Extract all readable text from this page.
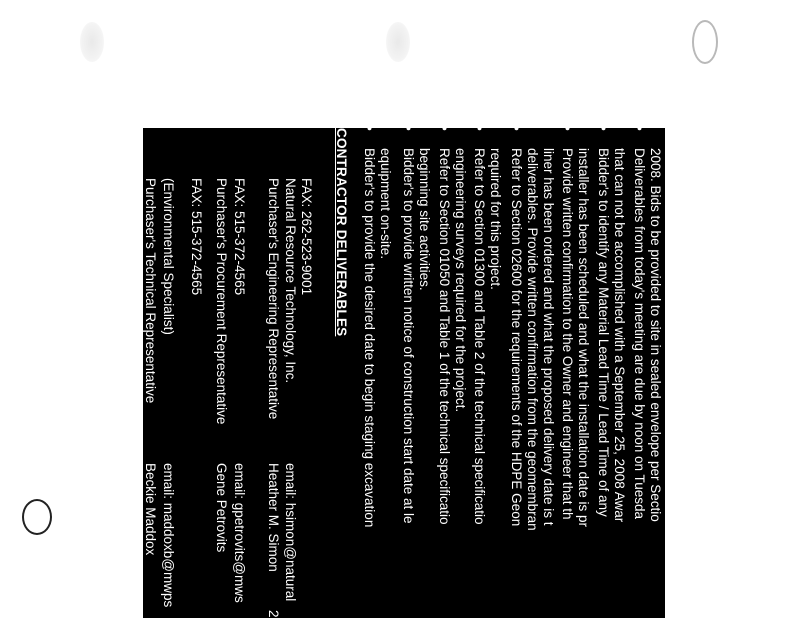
Purchaser's Technical Representative (Environmental Specialist) FAX: 515-372-4565
Beckie Maddox email: maddoxb@mwps
Purchaser's Procurement Representative FAX: 515-372-4565
Gene Petrovits email: gpetrovits@mws
Purchaser's Engineering Representative Natural Resource Technology, Inc. FAX: 262-523-9001
Heather M. Simon email: hsimon@natural
2
CONTRACTOR DELIVERABLES •
Bidder's to provide the desired date to begin staging excavation equipment on-site.
•
Bidder's to provide written notice of construction start date at le beginning site activities.
•
Refer to Section 01050 and Table 1 of the technical specificatio engineering surveys required for the project.
•
Refer to Section 01300 and Table 2 of the technical specificatio required for this project.
•
Refer to Section 02600 for the requirements of the HDPE Geon deliverables. Provide written confirmation from the geomembran liner has been ordered and what the proposed delivery date is t
•
Provide written confirmation to the Owner and engineer that th installer has been scheduled and what the installation date is pr
•
Bidder's to identify any Material Lead Time / Lead Time of any that can not be accomplished with a September 25, 2008 Awar
•
Deliverables from today's meeting are due by noon on Tuesda 2008. Bids to be provided to site in sealed envelope per Sectio Instruction to Bidders documentation.
